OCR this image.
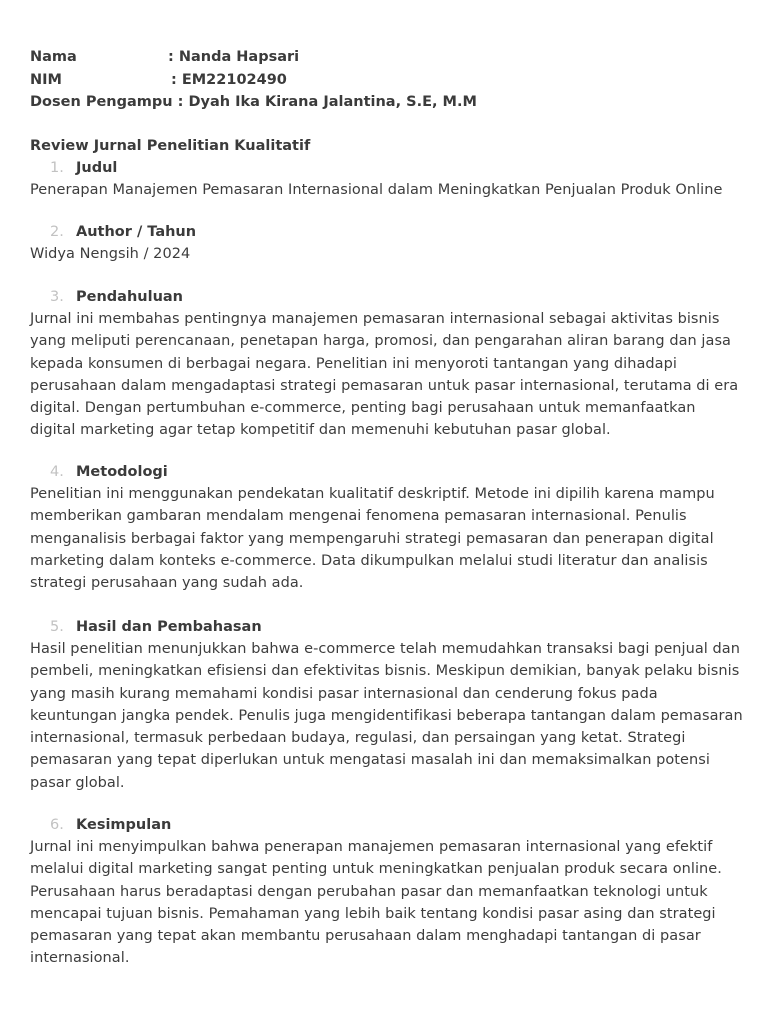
Nama	: Nanda Hapsari
NIM	: EM22102490
Dosen Pengampu : Dyah Ika Kirana Jalantina, S.E, M.M
Review Jurnal Penelitian Kualitatif
1. Judul

Penerapan Manajemen Pemasaran Internasional dalam Meningkatkan Penjualan Produk Online

2. Author / Tahun

Widya Nengsih / 2024

3. Pendahuluan

Jurnal ini membahas pentingnya manajemen pemasaran internasional sebagai aktivitas bisnis yang meliputi perencanaan, penetapan harga, promosi, dan pengarahan aliran barang dan jasa kepada konsumen di berbagai negara. Penelitian ini menyoroti tantangan yang dihadapi perusahaan dalam mengadaptasi strategi pemasaran untuk pasar internasional, terutama di era digital. Dengan pertumbuhan e-commerce, penting bagi perusahaan untuk memanfaatkan digital marketing agar tetap kompetitif dan memenuhi kebutuhan pasar global.

4. Metodologi

Penelitian ini menggunakan pendekatan kualitatif deskriptif. Metode ini dipilih karena mampu memberikan gambaran mendalam mengenai fenomena pemasaran internasional. Penulis menganalisis berbagai faktor yang mempengaruhi strategi pemasaran dan penerapan digital marketing dalam konteks e-commerce. Data dikumpulkan melalui studi literatur dan analisis strategi perusahaan yang sudah ada.

5. Hasil dan Pembahasan

Hasil penelitian menunjukkan bahwa e-commerce telah memudahkan transaksi bagi penjual dan pembeli, meningkatkan efisiensi dan efektivitas bisnis. Meskipun demikian, banyak pelaku bisnis yang masih kurang memahami kondisi pasar internasional dan cenderung fokus pada keuntungan jangka pendek. Penulis juga mengidentifikasi beberapa tantangan dalam pemasaran internasional, termasuk perbedaan budaya, regulasi, dan persaingan yang ketat. Strategi pemasaran yang tepat diperlukan untuk mengatasi masalah ini dan memaksimalkan potensi pasar global.

6. Kesimpulan

Jurnal ini menyimpulkan bahwa penerapan manajemen pemasaran internasional yang efektif melalui digital marketing sangat penting untuk meningkatkan penjualan produk secara online. Perusahaan harus beradaptasi dengan perubahan pasar dan memanfaatkan teknologi untuk mencapai tujuan bisnis. Pemahaman yang lebih baik tentang kondisi pasar asing dan strategi pemasaran yang tepat akan membantu perusahaan dalam menghadapi tantangan di pasar internasional.
